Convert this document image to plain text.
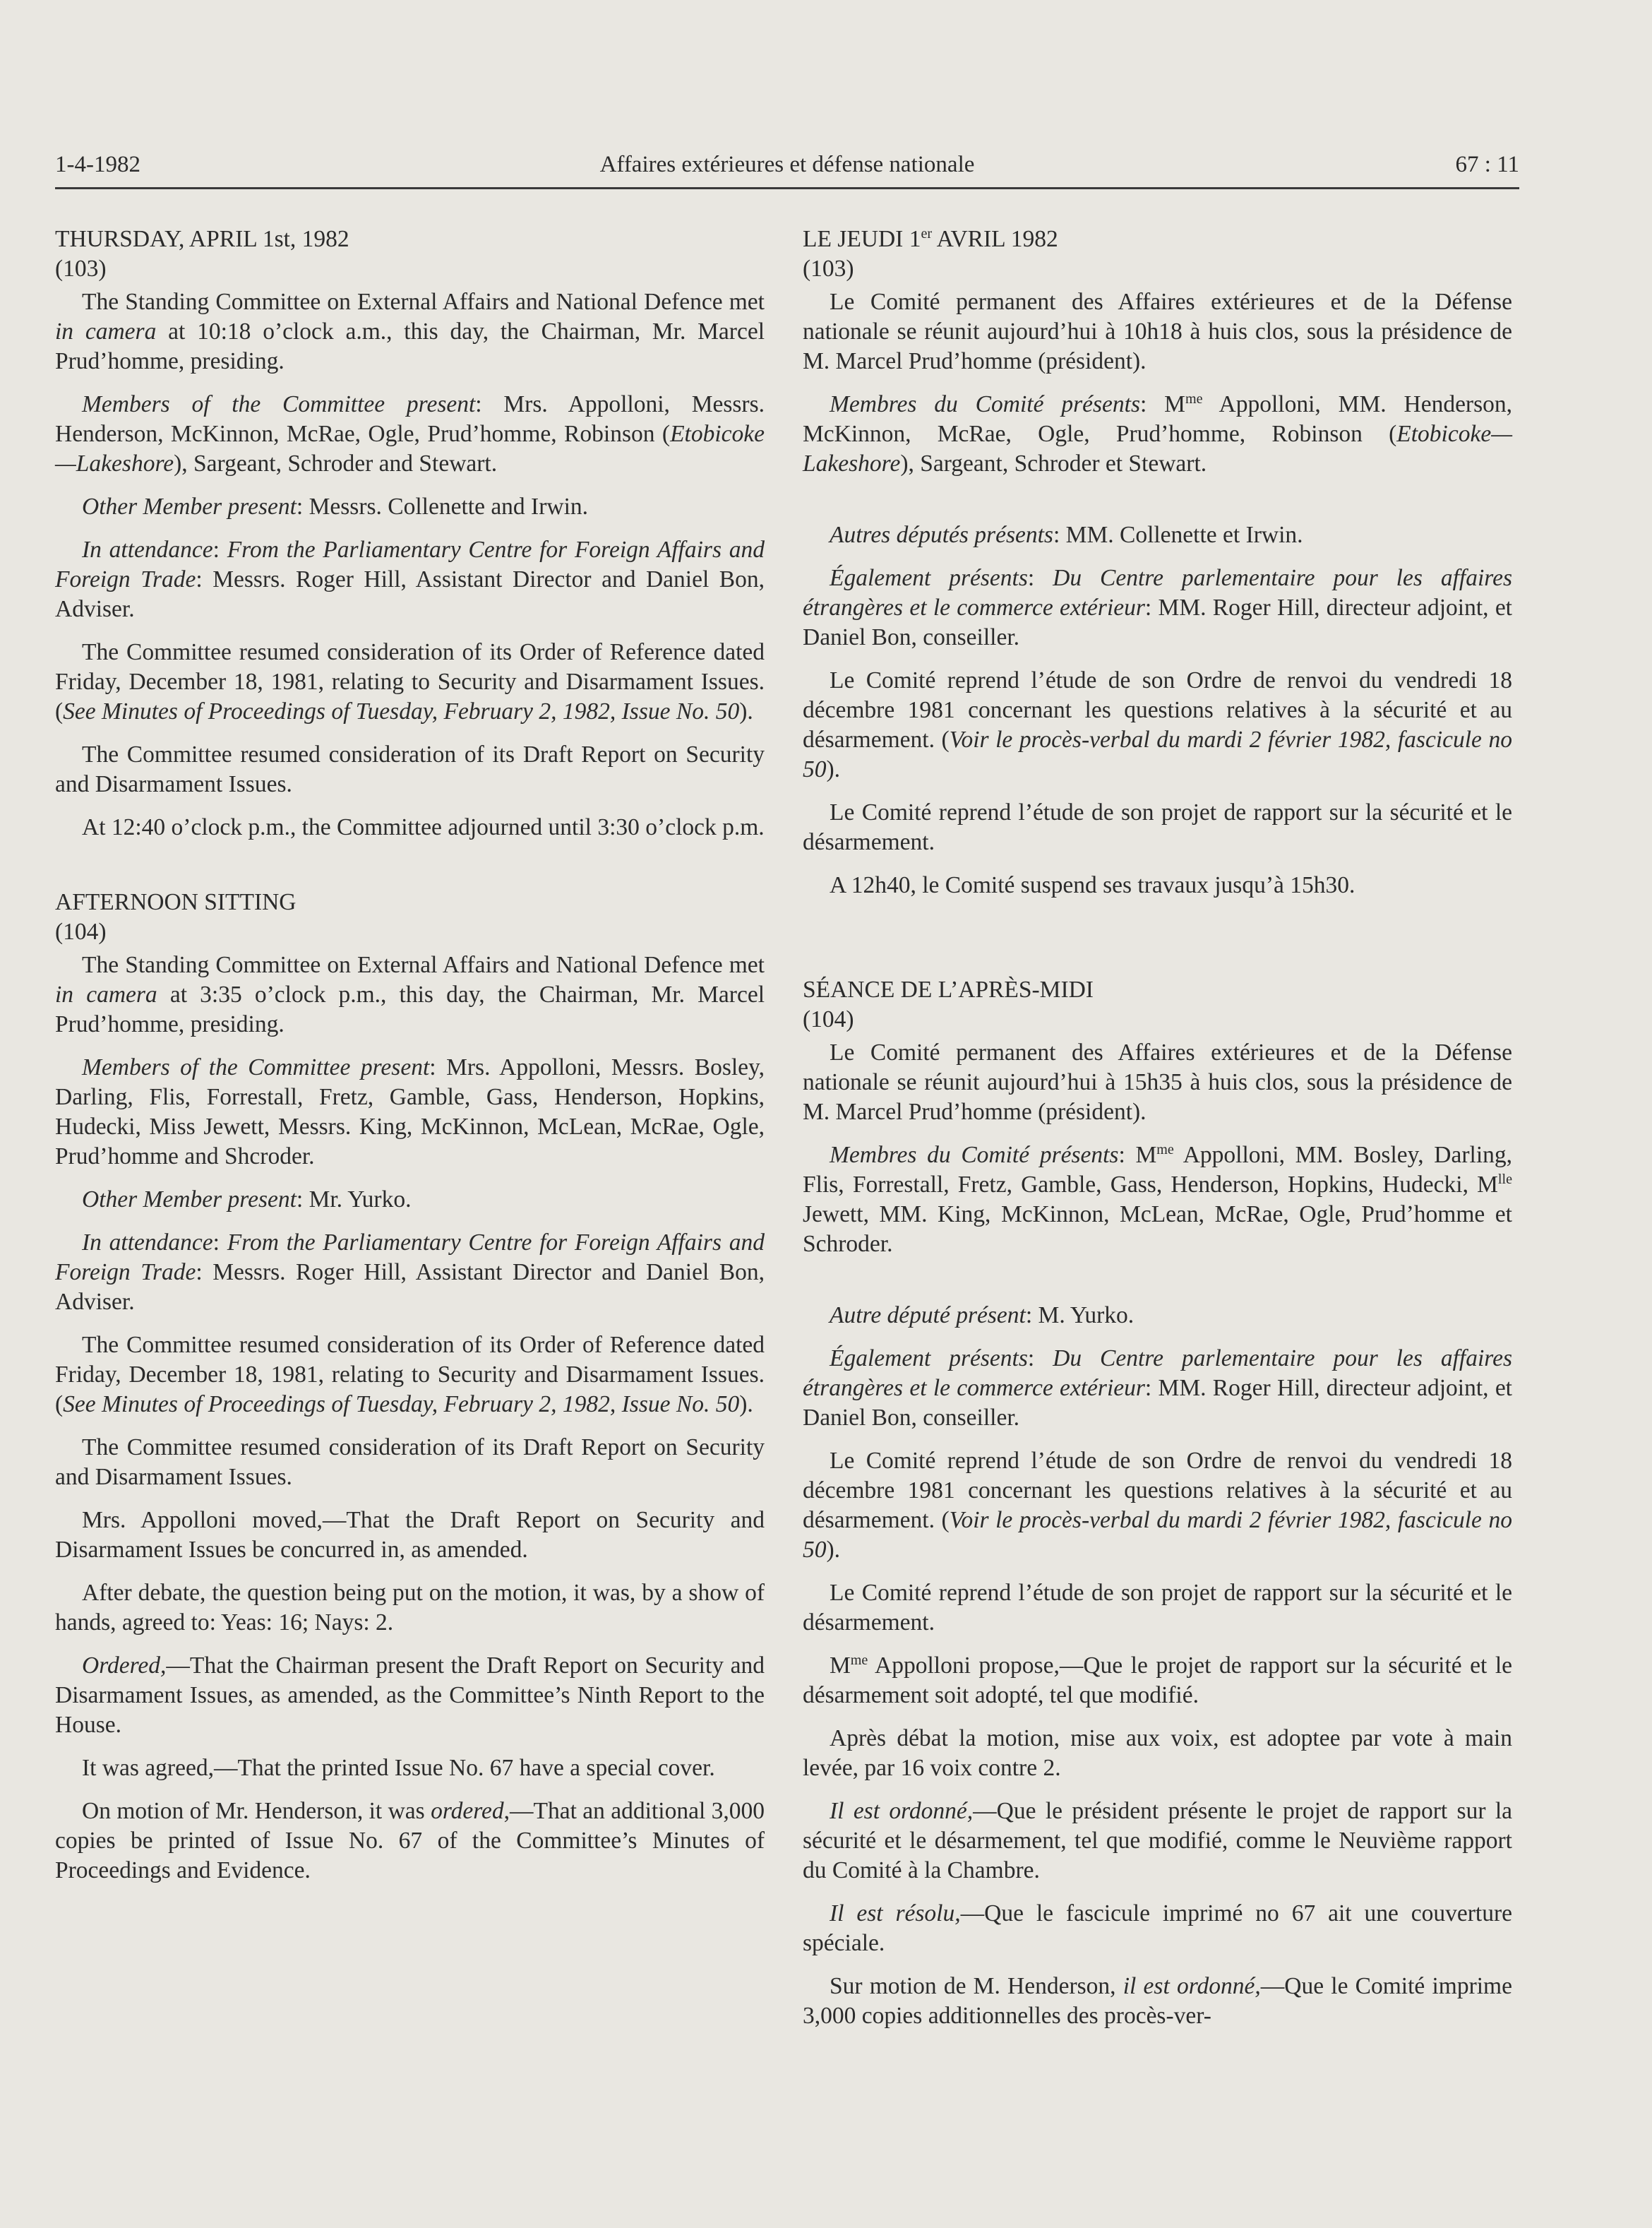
1-4-1982	Affaires extérieures et défense nationale	67 : 11

THURSDAY, APRIL 1st, 1982

(103)

The Standing Committee on External Affairs and National Defence met in camera at 10:18 o’clock a.m., this day, the Chairman, Mr. Marcel Prud’homme, presiding.

Members of the Committee present: Mrs. Appolloni, Messrs. Henderson, McKinnon, McRae, Ogle, Prud’homme, Robinson (Etobicoke—Lakeshore), Sargeant, Schroder and Stewart.

Other Member present: Messrs. Collenette and Irwin.

In attendance: From the Parliamentary Centre for Foreign Affairs and Foreign Trade: Messrs. Roger Hill, Assistant Director and Daniel Bon, Adviser.

The Committee resumed consideration of its Order of Reference dated Friday, December 18, 1981, relating to Security and Disarmament Issues. (See Minutes of Proceedings of Tuesday, February 2, 1982, Issue No. 50).

The Committee resumed consideration of its Draft Report on Security and Disarmament Issues.

At 12:40 o’clock p.m., the Committee adjourned until 3:30 o’clock p.m.

AFTERNOON SITTING

(104)

The Standing Committee on External Affairs and National Defence met in camera at 3:35 o’clock p.m., this day, the Chairman, Mr. Marcel Prud’homme, presiding.

Members of the Committee present: Mrs. Appolloni, Messrs. Bosley, Darling, Flis, Forrestall, Fretz, Gamble, Gass, Henderson, Hopkins, Hudecki, Miss Jewett, Messrs. King, McKinnon, McLean, McRae, Ogle, Prud’homme and Shcroder.

Other Member present: Mr. Yurko.

In attendance: From the Parliamentary Centre for Foreign Affairs and Foreign Trade: Messrs. Roger Hill, Assistant Director and Daniel Bon, Adviser.

The Committee resumed consideration of its Order of Reference dated Friday, December 18, 1981, relating to Security and Disarmament Issues. (See Minutes of Proceedings of Tuesday, February 2, 1982, Issue No. 50).

The Committee resumed consideration of its Draft Report on Security and Disarmament Issues.

Mrs. Appolloni moved,—That the Draft Report on Security and Disarmament Issues be concurred in, as amended.

After debate, the question being put on the motion, it was, by a show of hands, agreed to: Yeas: 16; Nays: 2.

Ordered,—That the Chairman present the Draft Report on Security and Disarmament Issues, as amended, as the Committee’s Ninth Report to the House.

It was agreed,—That the printed Issue No. 67 have a special cover.

On motion of Mr. Henderson, it was ordered,—That an additional 3,000 copies be printed of Issue No. 67 of the Committee’s Minutes of Proceedings and Evidence.

LE JEUDI 1er AVRIL 1982

(103)

Le Comité permanent des Affaires extérieures et de la Défense nationale se réunit aujourd’hui à 10h18 à huis clos, sous la présidence de M. Marcel Prud’homme (président).

Membres du Comité présents: $M^{me}$ Appolloni, MM. Henderson, McKinnon, McRae, Ogle, Prud’homme, Robinson (Etobicoke—Lakeshore), Sargeant, Schroder et Stewart.

Autres députés présents: MM. Collenette et Irwin.

Également présents: Du Centre parlementaire pour les affaires étrangères et le commerce extérieur: MM. Roger Hill, directeur adjoint, et Daniel Bon, conseiller.

Le Comité reprend l’étude de son Ordre de renvoi du vendredi 18 décembre 1981 concernant les questions relatives à la sécurité et au désarmement. (Voir le procès-verbal du mardi 2 février 1982, fascicule no 50).

Le Comité reprend l’étude de son projet de rapport sur la sécurité et le désarmement.

A 12h40, le Comité suspend ses travaux jusqu’à 15h30.

SÉANCE DE L’APRÈS-MIDI

(104)

Le Comité permanent des Affaires extérieures et de la Défense nationale se réunit aujourd’hui à 15h35 à huis clos, sous la présidence de M. Marcel Prud’homme (président).

Membres du Comité présents: $M^{me}$ Appolloni, MM. Bosley, Darling, Flis, Forrestall, Fretz, Gamble, Gass, Henderson, Hopkins, Hudecki, $M^{lle}$ Jewett, MM. King, McKinnon, McLean, McRae, Ogle, Prud’homme et Schroder.

Autre député présent: M. Yurko.

Également présents: Du Centre parlementaire pour les affaires étrangères et le commerce extérieur: MM. Roger Hill, directeur adjoint, et Daniel Bon, conseiller.

Le Comité reprend l’étude de son Ordre de renvoi du vendredi 18 décembre 1981 concernant les questions relatives à la sécurité et au désarmement. (Voir le procès-verbal du mardi 2 février 1982, fascicule no 50).

Le Comité reprend l’étude de son projet de rapport sur la sécurité et le désarmement.

$M^{me}$ Appolloni propose,—Que le projet de rapport sur la sécurité et le désarmement soit adopté, tel que modifié.

Après débat la motion, mise aux voix, est adoptee par vote à main levée, par 16 voix contre 2.

Il est ordonné,—Que le président présente le projet de rapport sur la sécurité et le désarmement, tel que modifié, comme le Neuvième rapport du Comité à la Chambre.

Il est résolu,—Que le fascicule imprimé no 67 ait une couverture spéciale.

Sur motion de M. Henderson, il est ordonné,—Que le Comité imprime 3,000 copies additionnelles des procès-ver-
